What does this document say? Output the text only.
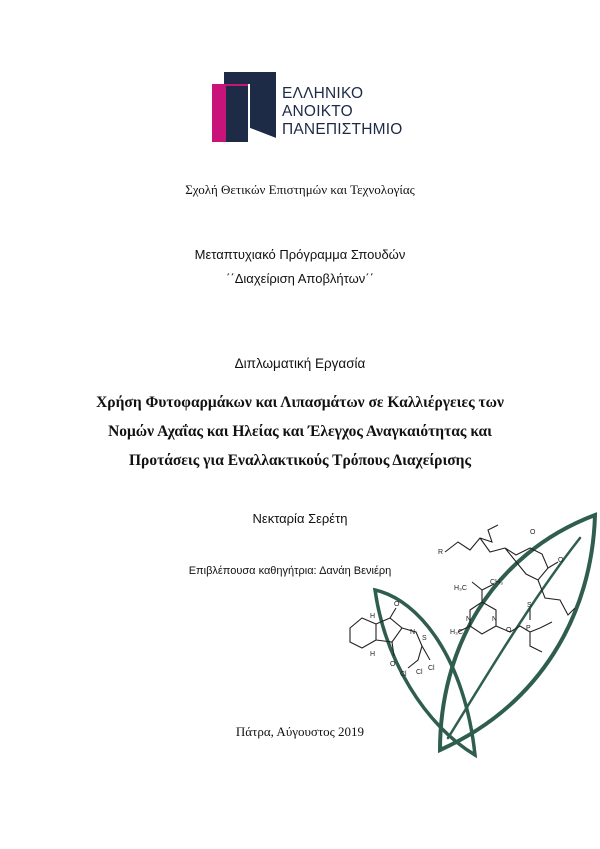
ΕΛΛΗΝΙΚΟ
ΑΝΟΙΚΤΟ
ΠΑΝΕΠΙΣΤΗΜΙΟ
Σχολή Θετικών Επιστημών και Τεχνολογίας
Μεταπτυχιακό Πρόγραμμα Σπουδών
΄΄Διαχείριση Αποβλήτων΄΄
Διπλωματική Εργασία
Χρήση Φυτοφαρμάκων και Λιπασμάτων σε Καλλιέργειες των
Νομών Αχαΐας και Ηλείας και Έλεγχος Αναγκαιότητας και
Προτάσεις για Εναλλακτικούς Τρόπους Διαχείρισης
Νεκταρία Σερέτη
R
H₃C
CH₃
H₃C	O
S
P
N	N
O
O
O
O
N
S
H
H
Cl Cl
Cl
Επιβλέπουσα καθηγήτρια: Δανάη Βενιέρη
Πάτρα, Αύγουστος 2019
